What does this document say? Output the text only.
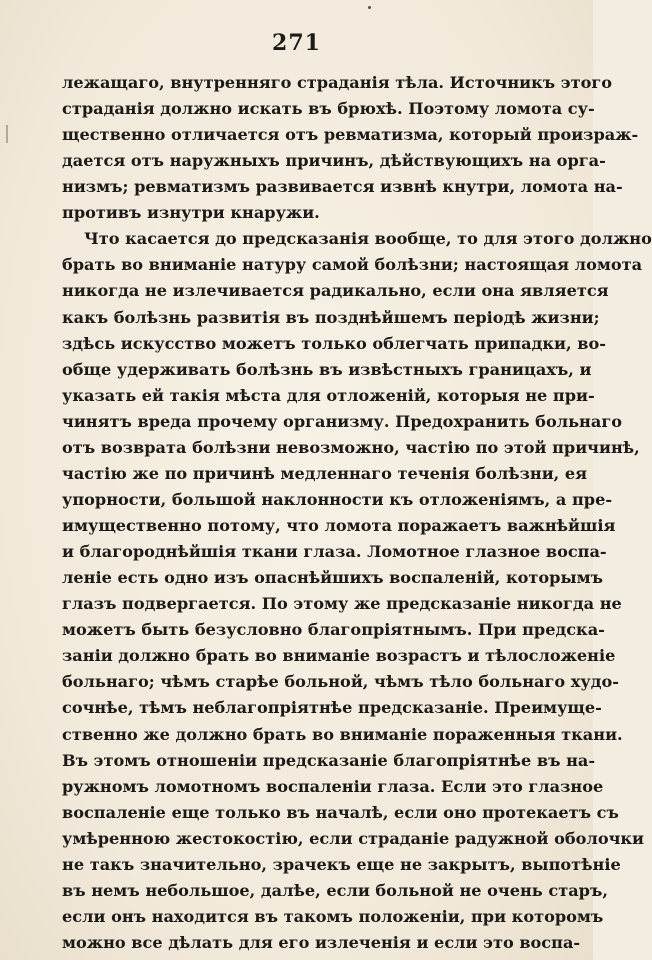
271
лежащаго, внутренняго страданія тѣла. Источникъ этого
страданія должно искать въ брюхѣ. Поэтому ломота су-
щественно отличается отъ ревматизма, который произраж-
дается отъ наружныхъ причинъ, дѣйствующихъ на орга-
низмъ; ревматизмъ развивается извнѣ кнутри, ломота на-
противъ изнутри кнаружи.
Что касается до предсказанія вообще, то для этого должно
брать во вниманіе натуру самой болѣзни; настоящая ломота
никогда не излечивается радикально, если она является
какъ болѣзнь развитія въ позднѣйшемъ періодѣ жизни;
здѣсь искусство можетъ только облегчать припадки, во-
обще удерживать болѣзнь въ извѣстныхъ границахъ, и
указать ей такія мѣста для отложеній, которыя не при-
чинятъ вреда прочему организму. Предохранить больнаго
отъ возврата болѣзни невозможно, частію по этой причинѣ,
частію же по причинѣ медленнаго теченія болѣзни, ея
упорности, большой наклонности къ отложеніямъ, а пре-
имущественно потому, что ломота поражаетъ важнѣйшія
и благороднѣйшія ткани глаза. Ломотное глазное воспа-
леніе есть одно изъ опаснѣйшихъ воспаленій, которымъ
глазъ подвергается. По этому же предсказаніе никогда не
можетъ быть безусловно благопріятнымъ. При предска-
заніи должно брать во вниманіе возрастъ и тѣлосложеніе
больнаго; чѣмъ старѣе больной, чѣмъ тѣло больнаго худо-
сочнѣе, тѣмъ неблагопріятнѣе предсказаніе. Преимуще-
ственно же должно брать во вниманіе пораженныя ткани.
Въ этомъ отношеніи предсказаніе благопріятнѣе въ на-
ружномъ ломотномъ воспаленіи глаза. Если это глазное
воспаленіе еще только въ началѣ, если оно протекаетъ съ
умѣренною жестокостію, если страданіе радужной оболочки
не такъ значительно, зрачекъ еще не закрытъ, выпотѣніе
въ немъ небольшое, далѣе, если больной не очень старъ,
если онъ находится въ такомъ положеніи, при которомъ
можно все дѣлать для его излеченія и если это воспа-
